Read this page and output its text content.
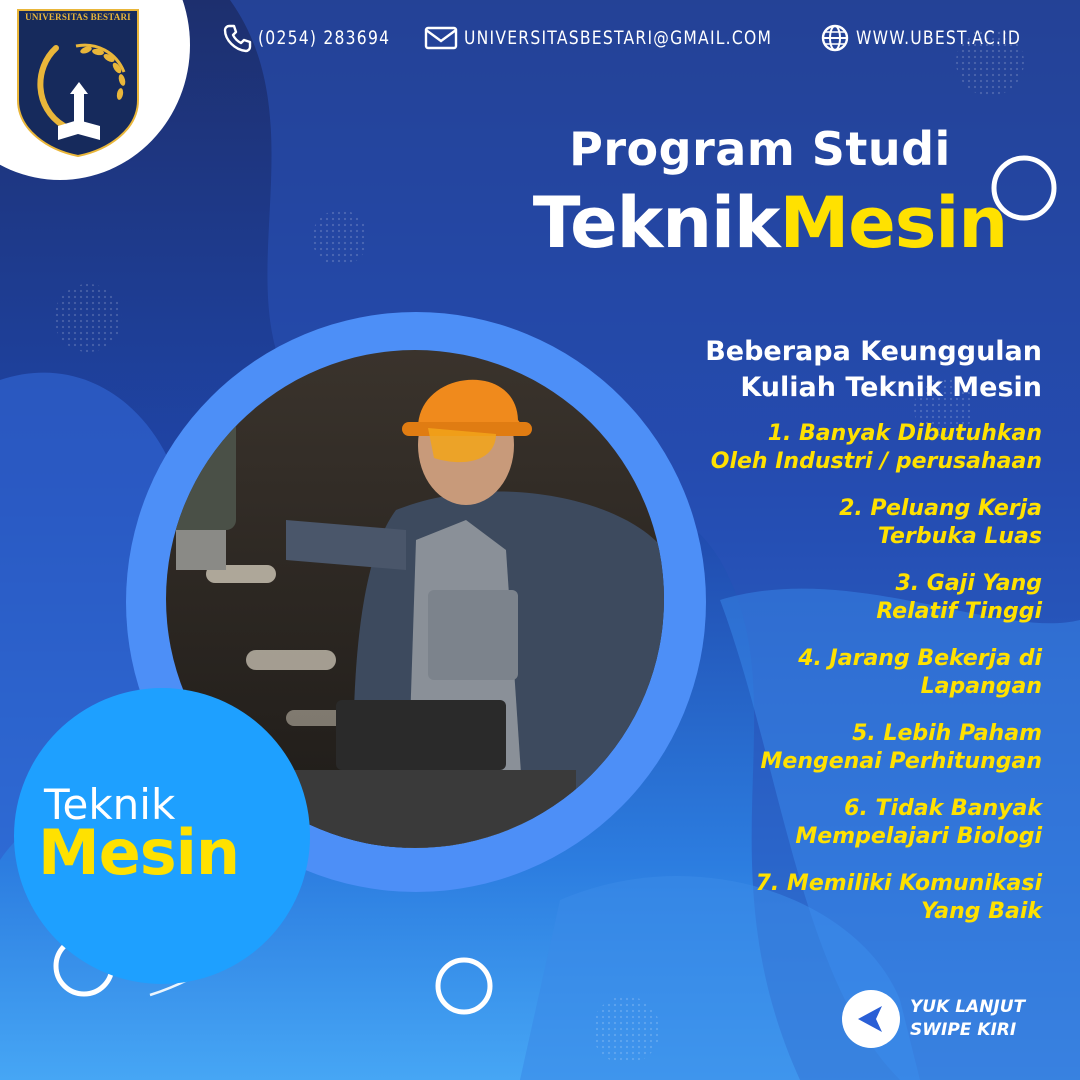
UNIVERSITAS BESTARI
(0254) 283694	UNIVERSITASBESTARI@GMAIL.COM	WWW.UBEST.AC.ID
Program Studi
TeknikMesin
Beberapa Keunggulan
Kuliah Teknik Mesin
1. Banyak Dibutuhkan
Oleh Industri / perusahaan
2. Peluang Kerja
Terbuka Luas
3. Gaji Yang
Relatif Tinggi
4. Jarang Bekerja di
Lapangan
5. Lebih Paham
Mengenai Perhitungan
6. Tidak Banyak
Mempelajari Biologi
7. Memiliki Komunikasi
Yang Baik
Teknik
Mesin
YUK LANJUT
SWIPE KIRI
